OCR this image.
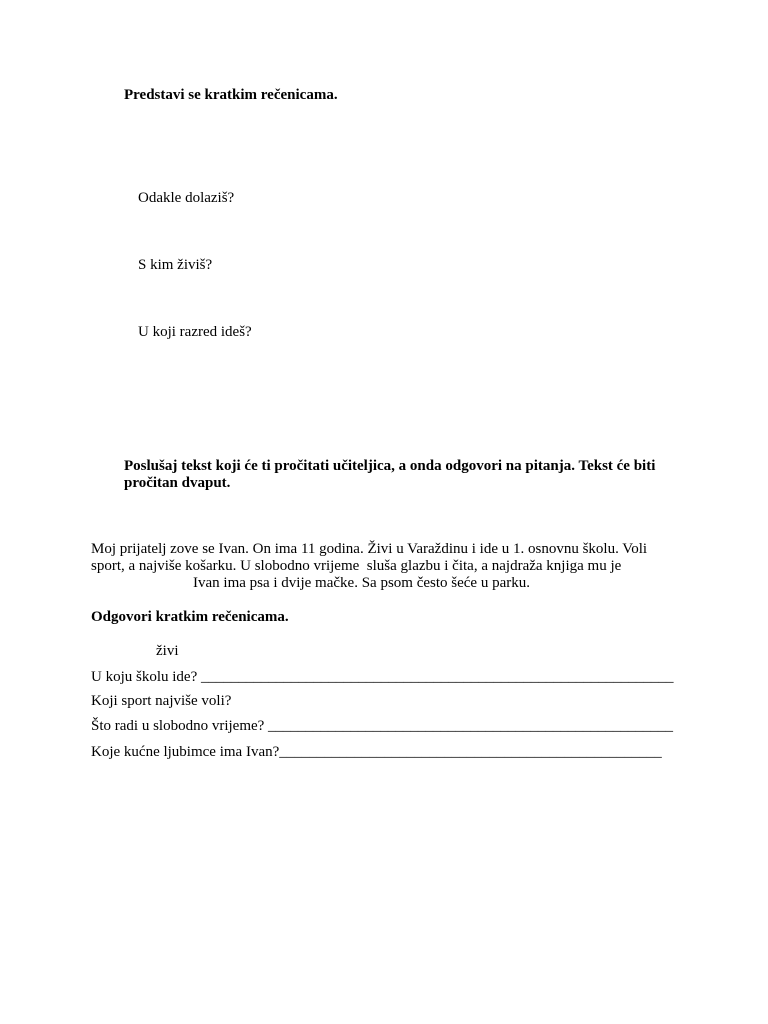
Predstavi se kratkim rečenicama.
Odakle dolaziš?
S kim živiš?
U koji razred ideš?
Poslušaj tekst koji će ti pročitati učiteljica, a onda odgovori na pitanja. Tekst će biti
pročitan dvaput.
Moj prijatelj zove se Ivan. On ima 11 godina. Živi u Varaždinu i ide u 1. osnovnu školu. Voli
sport, a najviše košarku. U slobodno vrijeme  sluša glazbu i čita, a najdraža knjiga mu je
Ivan ima psa i dvije mačke. Sa psom često šeće u parku.
Odgovori kratkim rečenicama.
živi
U koju školu ide? _______________________________________________________________
Koji sport najviše voli?
Što radi u slobodno vrijeme? ______________________________________________________
Koje kućne ljubimce ima Ivan?___________________________________________________
